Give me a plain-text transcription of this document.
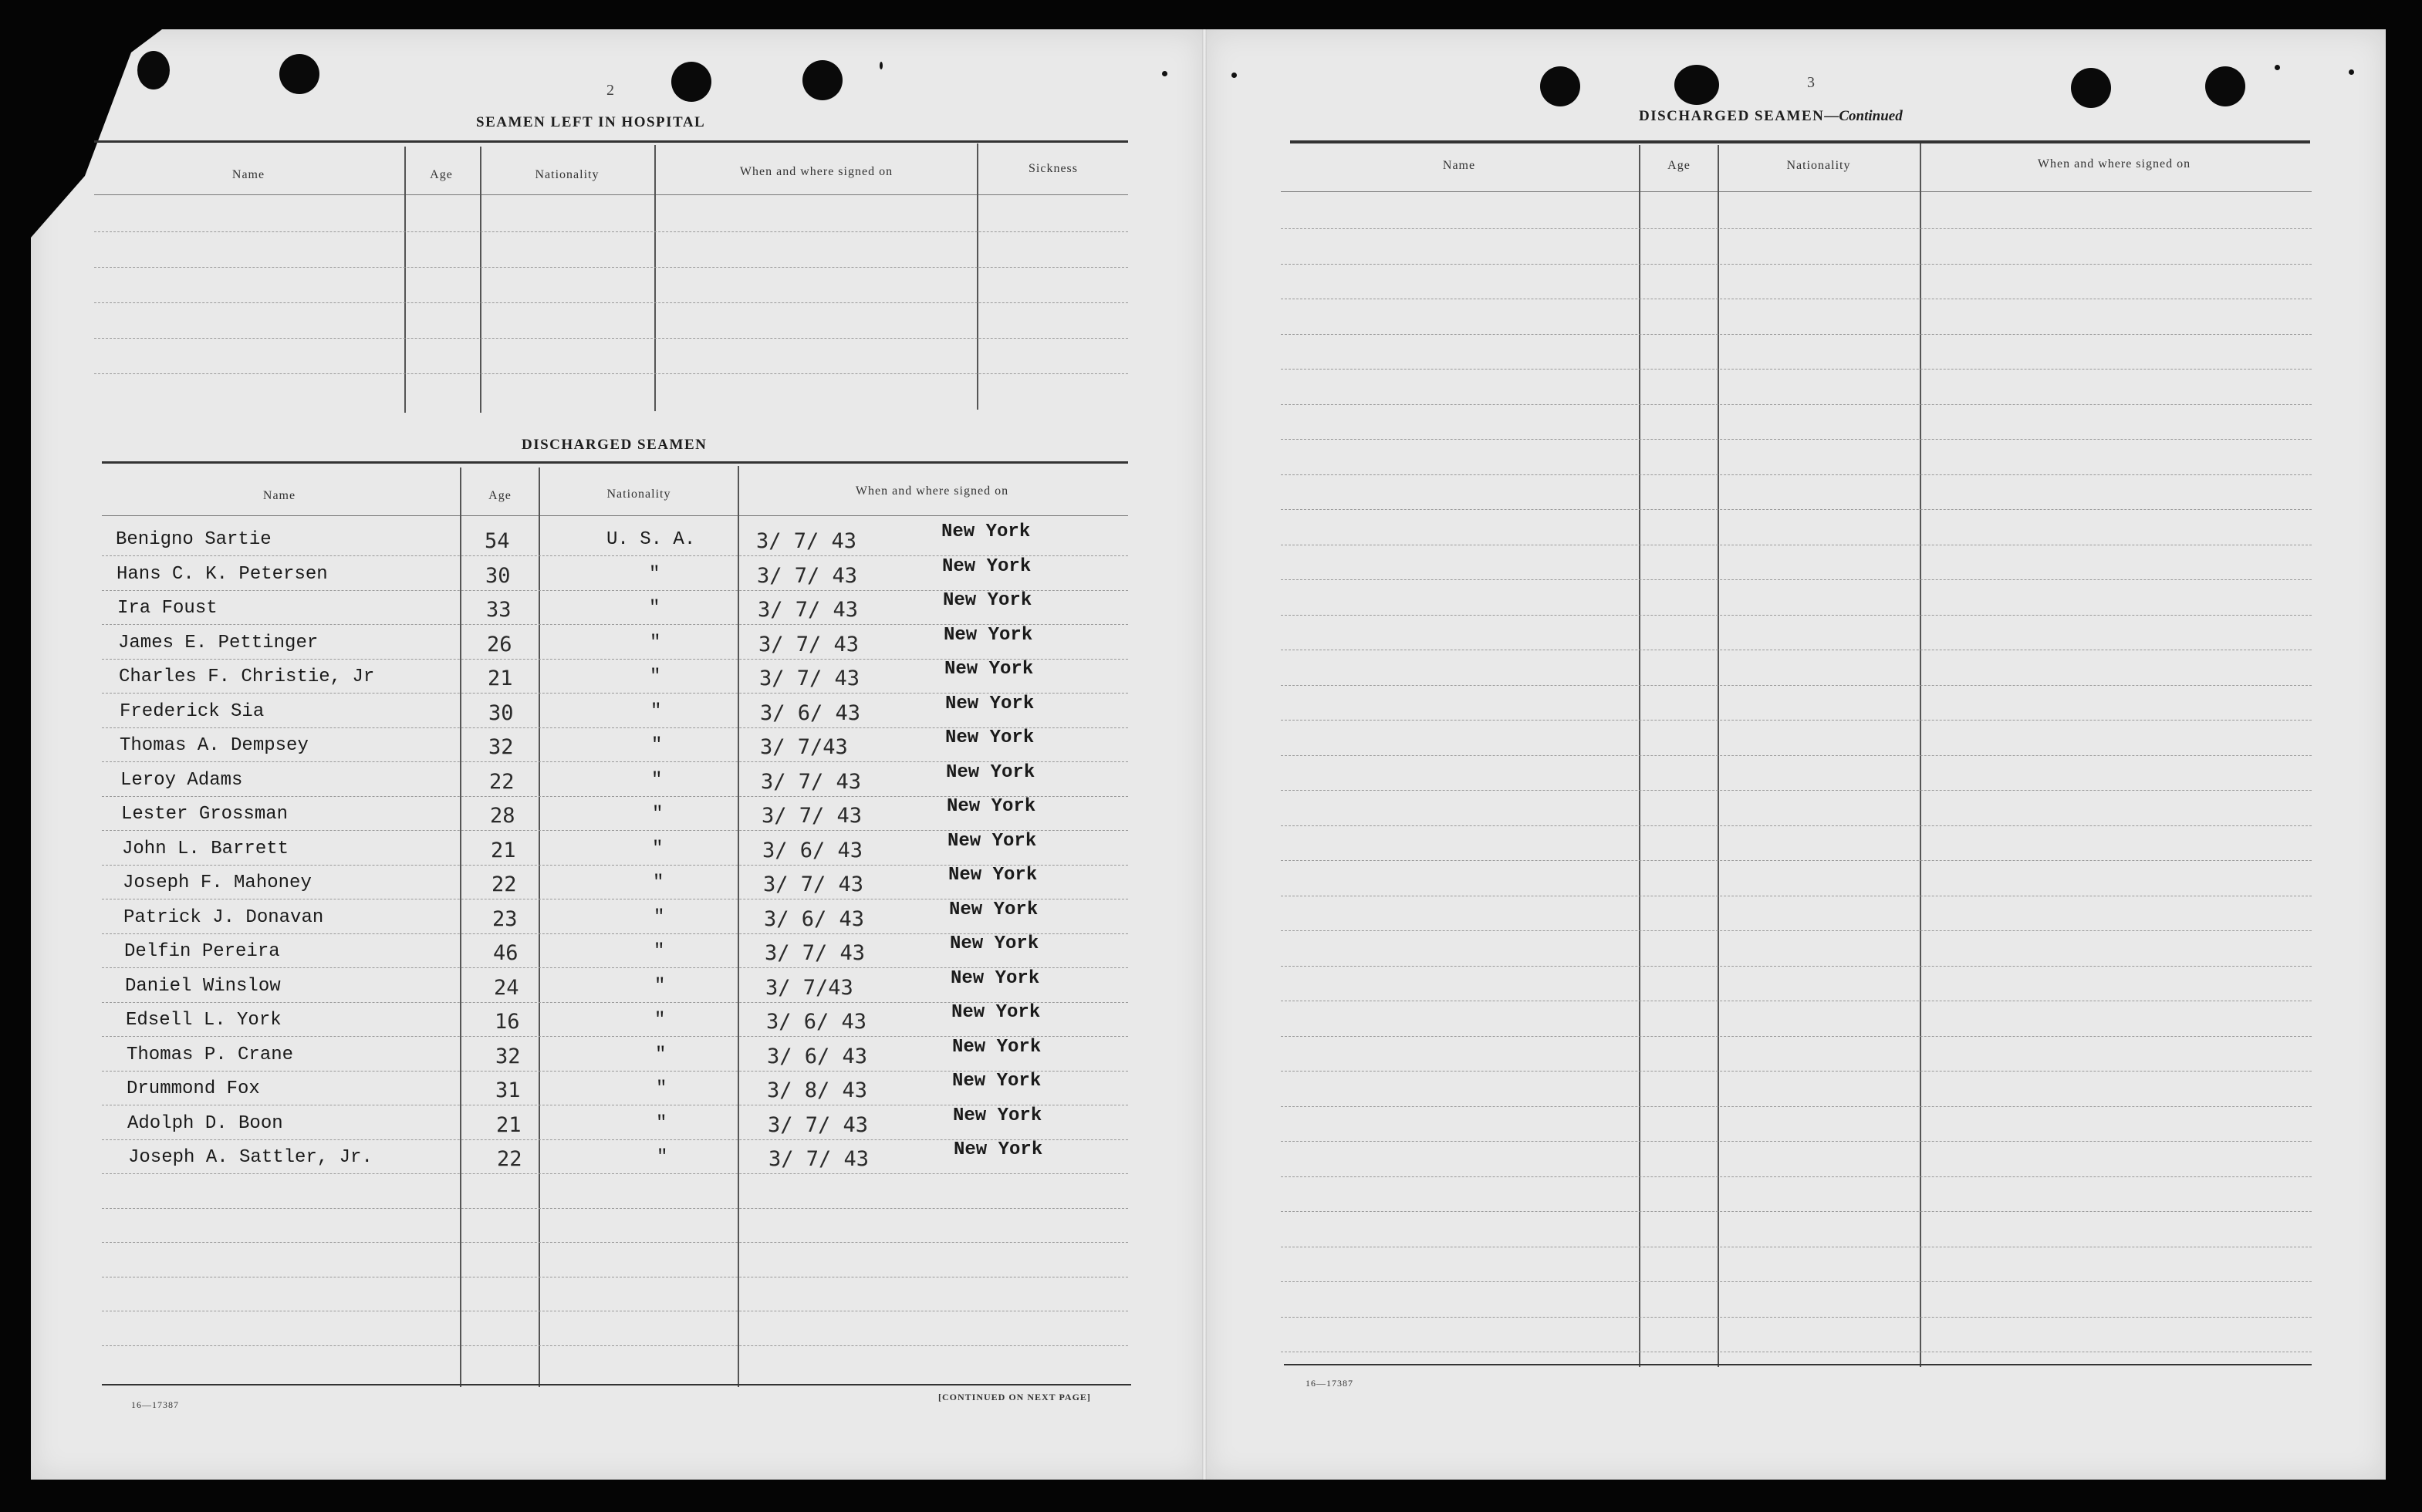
2
SEAMEN LEFT IN HOSPITAL
Name	Age	Nationality	When and where signed on	Sickness
DISCHARGED SEAMEN
Name	Age	Nationality	When and where signed on
Benigno Sartie	54	U. S. A.	3/ 7/ 43	New York
Hans C. K. Petersen	30	"	3/ 7/ 43	New York
Ira Foust	33	"	3/ 7/ 43	New York
James E. Pettinger	26	"	3/ 7/ 43	New York
Charles F. Christie, Jr	21	"	3/ 7/ 43	New York
Frederick Sia	30	"	3/ 6/ 43	New York
Thomas A. Dempsey	32	"	3/ 7/43	New York
Leroy Adams	22	"	3/ 7/ 43	New York
Lester Grossman	28	"	3/ 7/ 43	New York
John L. Barrett	21	"	3/ 6/ 43	New York
Joseph F. Mahoney	22	"	3/ 7/ 43	New York
Patrick J. Donavan	23	"	3/ 6/ 43	New York
Delfin Pereira	46	"	3/ 7/ 43	New York
Daniel Winslow	24	"	3/ 7/43	New York
Edsell L. York	16	"	3/ 6/ 43	New York
Thomas P. Crane	32	"	3/ 6/ 43	New York
Drummond Fox	31	"	3/ 8/ 43	New York
Adolph D. Boon	21	"	3/ 7/ 43	New York
Joseph A. Sattler, Jr.	22	"	3/ 7/ 43	New York
16—17387
[CONTINUED ON NEXT PAGE]
3
DISCHARGED SEAMEN—Continued
Name	Age	Nationality	When and where signed on
16—17387
